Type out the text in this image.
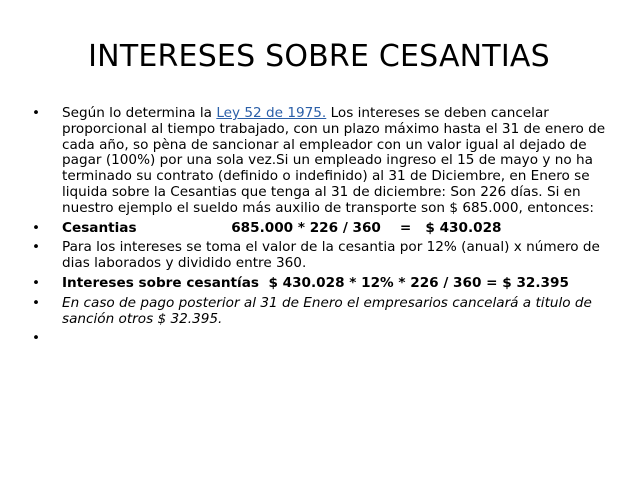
INTERESES SOBRE CESANTIAS
• Según lo determina la Ley 52 de 1975. Los intereses se deben cancelar proporcional al tiempo trabajado, con un plazo máximo hasta el 31 de enero de cada año, so pèna de sancionar al empleador con un valor igual al dejado de pagar (100%) por una sola vez.Si un empleado ingreso el 15 de mayo y no ha terminado su contrato (definido o indefinido) al 31 de Diciembre, en Enero se liquida sobre la Cesantias que tenga al 31 de diciembre: Son 226 días. Si en nuestro ejemplo el sueldo más auxilio de transporte son $ 685.000, entonces:
• Cesantias	685.000 * 226 / 360    =   $ 430.028
• Para los intereses se toma el valor de la cesantia por 12% (anual) x número de dias laborados y dividido entre 360.
• Intereses sobre cesantías $ 430.028 * 12% * 226 / 360 = $ 32.395
• En caso de pago posterior al 31 de Enero el empresarios cancelará a titulo de sanción otros $ 32.395.
•
